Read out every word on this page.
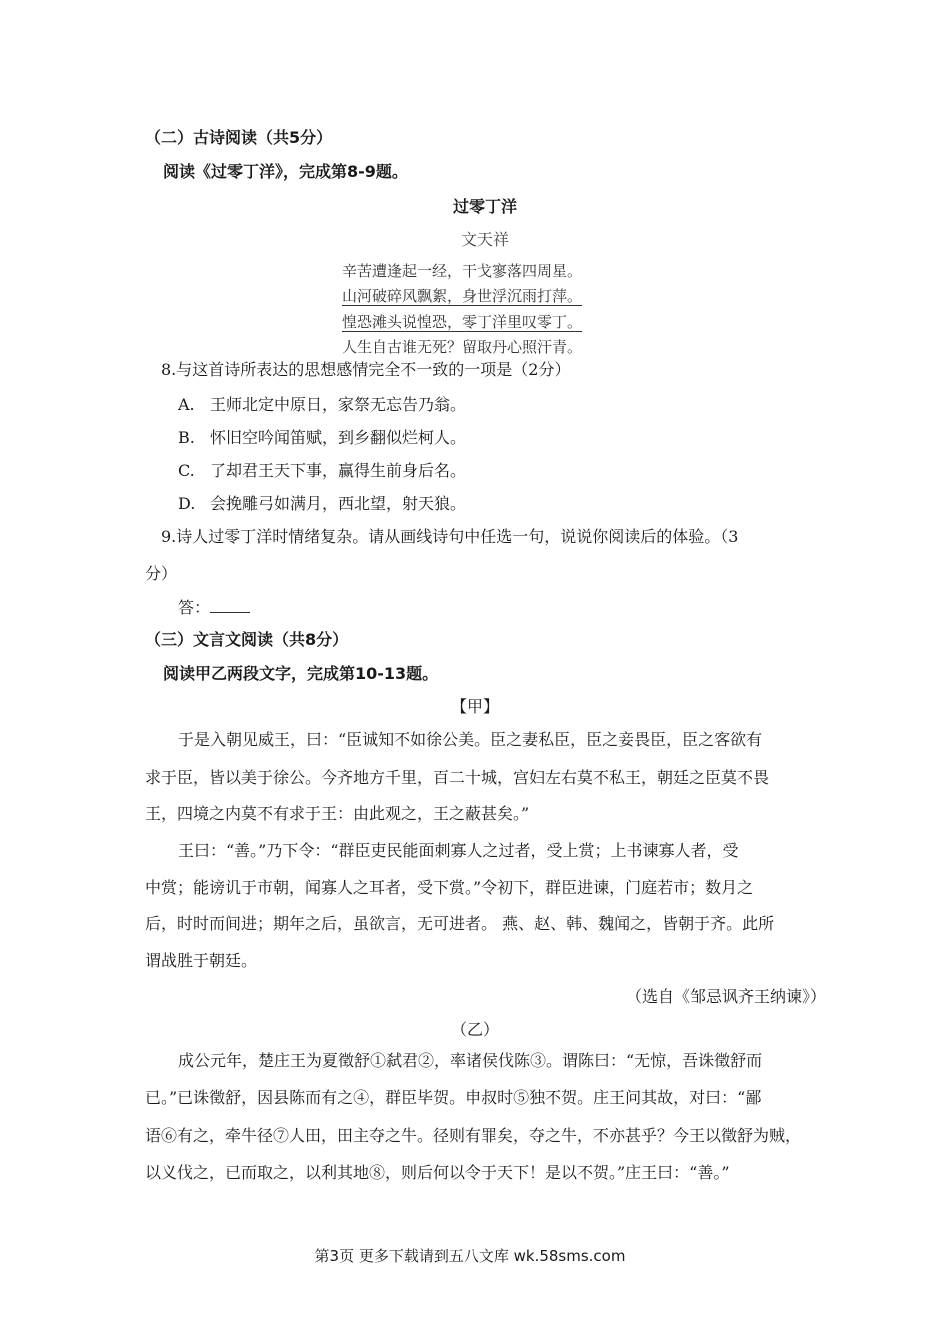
（二）古诗阅读（共5分）
阅读《过零丁洋》，完成第8-9题。
过零丁洋
文天祥
辛苦遭逢起一经，干戈寥落四周星。
山河破碎风飘絮，身世浮沉雨打萍。
惶恐滩头说惶恐，零丁洋里叹零丁。
人生自古谁无死？留取丹心照汗青。
8.与这首诗所表达的思想感情完全不一致的一项是（2分）
A. 王师北定中原日，家祭无忘告乃翁。
B. 怀旧空吟闻笛赋，到乡翻似烂柯人。
C. 了却君王天下事，赢得生前身后名。
D. 会挽雕弓如满月，西北望，射天狼。
9.诗人过零丁洋时情绪复杂。请从画线诗句中任选一句，说说你阅读后的体验。（3
分）
答：
（三）文言文阅读（共8分）
阅读甲乙两段文字，完成第10-13题。
【甲】
于是入朝见威王，曰：“臣诚知不如徐公美。臣之妻私臣，臣之妾畏臣，臣之客欲有
求于臣，皆以美于徐公。今齐地方千里，百二十城，宫妇左右莫不私王，朝廷之臣莫不畏
王，四境之内莫不有求于王：由此观之，王之蔽甚矣。”
王曰：“善。”乃下令：“群臣吏民能面刺寡人之过者，受上赏；上书谏寡人者，受
中赏；能谤讥于市朝，闻寡人之耳者，受下赏。”令初下，群臣进谏，门庭若市；数月之
后，时时而间进；期年之后，虽欲言，无可进者。 燕、赵、韩、魏闻之，皆朝于齐。此所
谓战胜于朝廷。
（选自《邹忌讽齐王纳谏》）
（乙）
成公元年，楚庄王为夏徵舒①弑君②，率诸侯伐陈③。谓陈曰：“无惊，吾诛徵舒而
已。”已诛徵舒，因县陈而有之④，群臣毕贺。申叔时⑤独不贺。庄王问其故，对曰：“鄙
语⑥有之，牵牛径⑦人田，田主夺之牛。径则有罪矣，夺之牛，不亦甚乎？今王以徵舒为贼，
以义伐之，已而取之，以利其地⑧，则后何以令于天下！是以不贺。”庄王曰：“善。”
第3页 更多下载请到五八文库 wk.58sms.com
